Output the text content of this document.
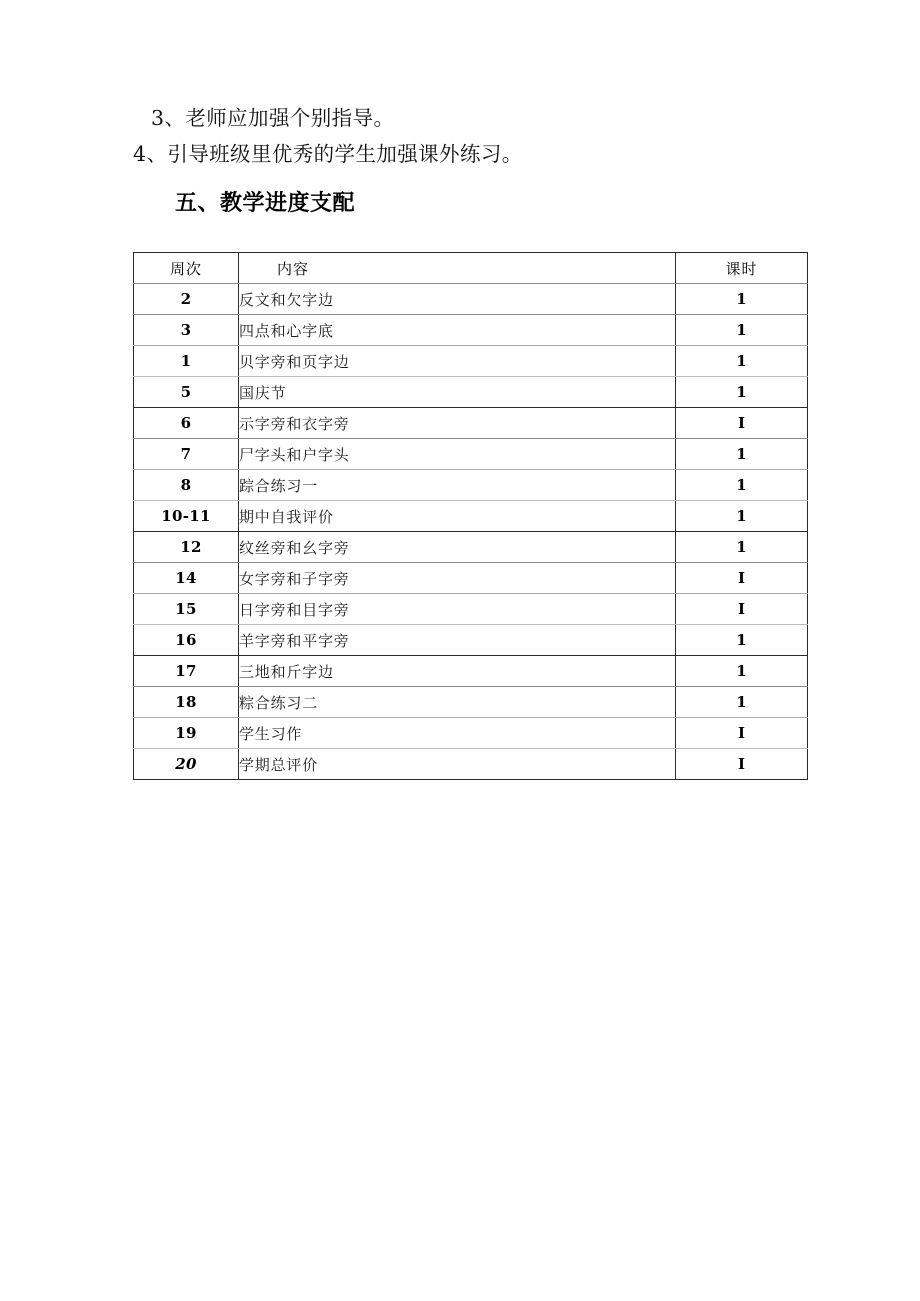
3、老师应加强个别指导。
4、引导班级里优秀的学生加强课外练习。
五、教学进度支配
周次	内容	课时
2	反文和欠字边	1
3	四点和心字底	1
1	贝字旁和页字边	1
5	国庆节	1
6	示字旁和衣字旁	I
7	尸字头和户字头	1
8	踪合练习一	1
10-11	期中自我评价	1
12	纹丝旁和幺字旁	1
14	女字旁和子字旁	I
15	日字旁和目字旁	I
16	羊字旁和平字旁	1
17	三地和斤字边	1
18	粽合练习二	1
19	学生习作	I
20	学期总评价	I
